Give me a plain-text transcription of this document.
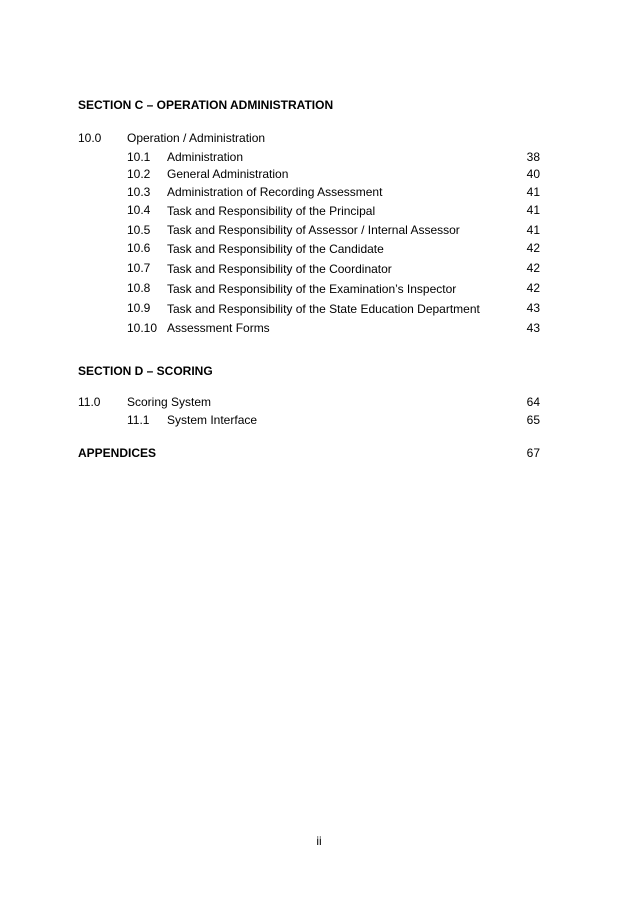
SECTION C – OPERATION ADMINISTRATION
10.0 Operation / Administration
10.1 Administration	38
10.2 General Administration	40
10.3 Administration of Recording Assessment	41
10.4 Task and Responsibility of the Principal	41
10.5 Task and Responsibility of Assessor / Internal Assessor	41
10.6 Task and Responsibility of the Candidate	42
10.7 Task and Responsibility of the Coordinator	42
10.8 Task and Responsibility of the Examination’s Inspector	42
10.9 Task and Responsibility of the State Education Department	43
10.10 Assessment Forms	43
SECTION D – SCORING
11.0 Scoring System	64
11.1 System Interface	65
APPENDICES	67
ii
